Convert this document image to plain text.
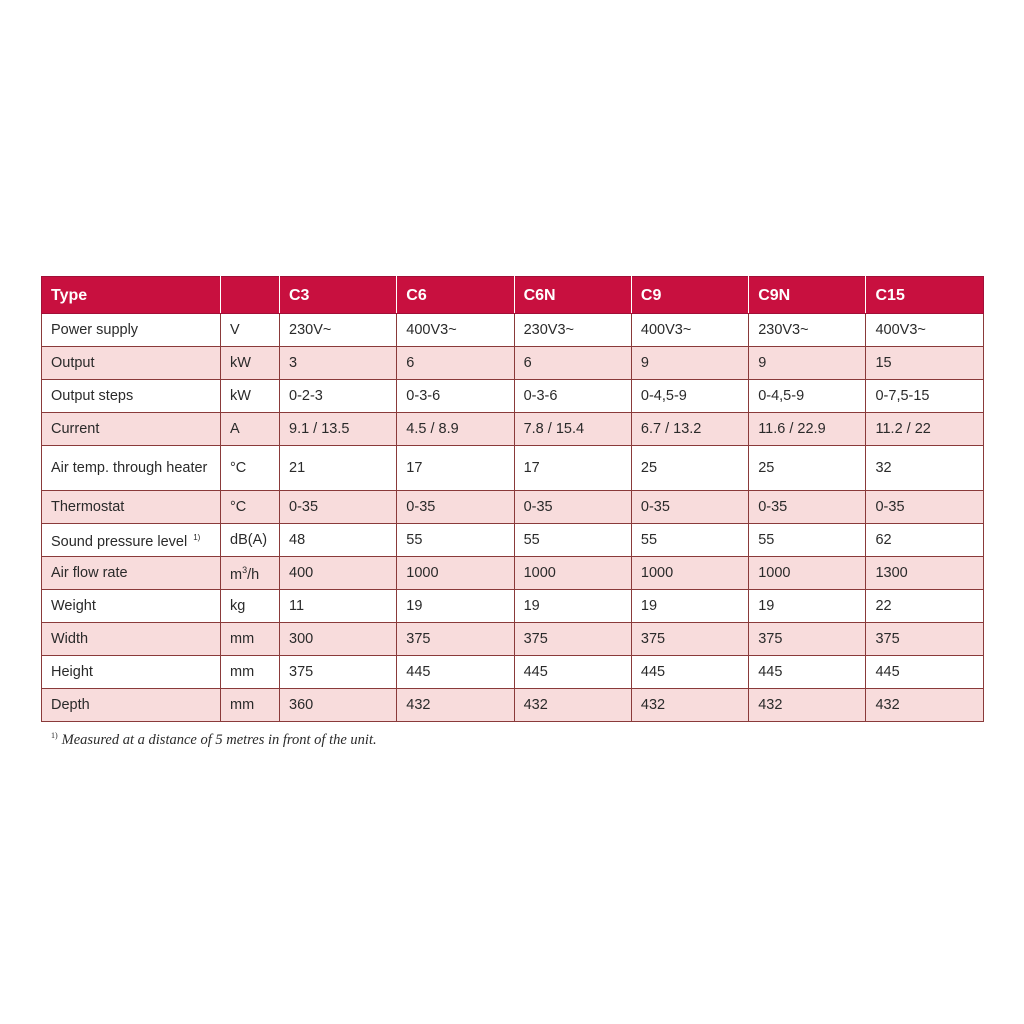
Type		C3	C6	C6N	C9	C9N	C15
Power supply	V	230V~	400V3~	230V3~	400V3~	230V3~	400V3~
Output	kW	3	6	6	9	9	15
Output steps	kW	0-2-3	0-3-6	0-3-6	0-4,5-9	0-4,5-9	0-7,5-15
Current	A	9.1 / 13.5	4.5 / 8.9	7.8 / 15.4	6.7 / 13.2	11.6 / 22.9	11.2 / 22
Air temp. through heater	°C	21	17	17	25	25	32
Thermostat	°C	0-35	0-35	0-35	0-35	0-35	0-35
Sound pressure level $^{1)}$	dB(A)	48	55	55	55	55	62
Air flow rate	$m^3/h$	400	1000	1000	1000	1000	1300
Weight	kg	11	19	19	19	19	22
Width	mm	300	375	375	375	375	375
Height	mm	375	445	445	445	445	445
Depth	mm	360	432	432	432	432	432
$^{1)}$ Measured at a distance of 5 metres in front of the unit.
